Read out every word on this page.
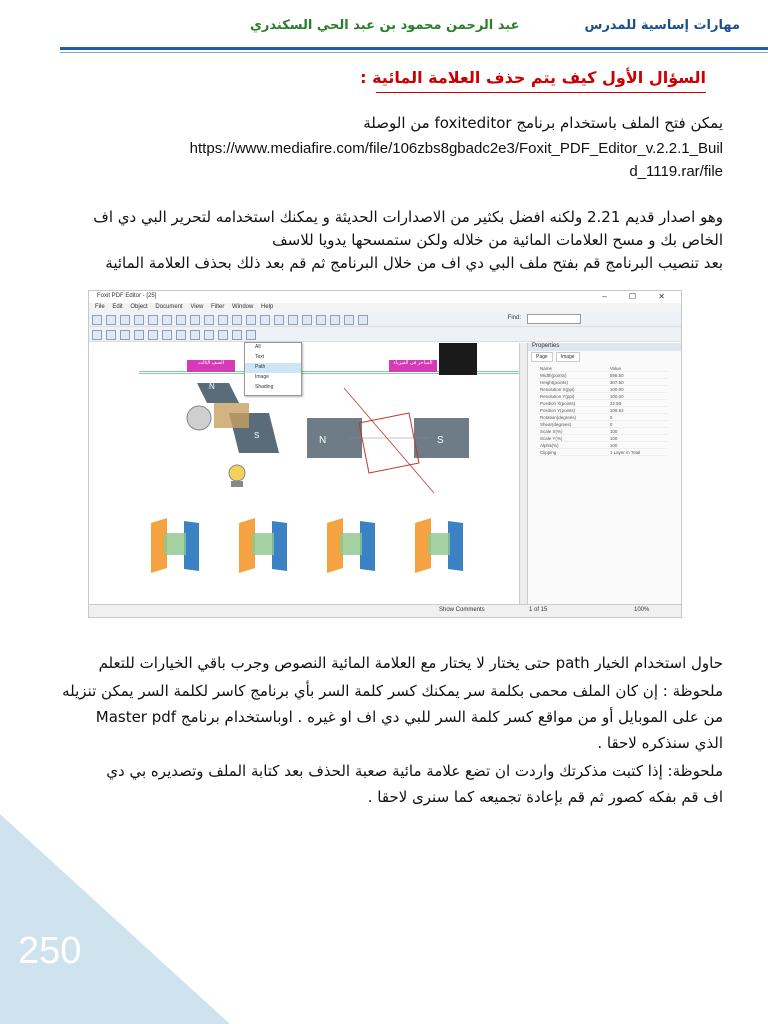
250
مهارات إساسية للمدرس
عبد الرحمن محمود بن عبد الحي السكندري
السؤال الأول كيف يتم حذف العلامة المائية :
يمكن فتح الملف باستخدام برنامج foxiteditor من الوصلة
https://www.mediafire.com/file/106zbs8gbadc2e3/Foxit_PDF_Editor_v.2.2.1_Buil
d_1119.rar/file
وهو اصدار قديم 2.21 ولكنه افضل بكثير من الاصدارات الحديثة و يمكنك استخدامه لتحرير البي دي اف
الخاص بك و مسح العلامات المائية من خلاله ولكن ستمسحها يدويا للاسف
بعد تنصيب البرنامج قم بفتح ملف البي دي اف من خلال البرنامج ثم قم بعد ذلك بحذف العلامة المائية
Foxit PDF Editor - [25]	– ☐ ✕
File Edit Object Document View Filter Window Help
Find:
الصف الثالث	الساحر في الفيزياء
N
S	N	S
All
Text
Path
Image
Shading
Properties
Page	Image
Name	Value
Width(points)	595.50
Height(points)	307.50
Resolution X(ppi)	100.00
Resolution Y(ppi)	100.00
Position X(points)	32.50
Position Y(points)	109.52
Rotation(degrees)	0
Shear(degrees)	0
Scale X(%)	100
Scale Y(%)	100
Alpha(%)	100
Clipping	1 Layer in Total
Show Comments	1 of 15	100%
حاول استخدام الخيار path حتى يختار لا يختار مع العلامة المائية النصوص وجرب باقي الخيارات للتعلم
ملحوظة : إن كان الملف محمى بكلمة سر يمكنك كسر كلمة السر بأي برنامج كاسر لكلمة السر يمكن تنزيله
من على الموبايل أو من مواقع كسر كلمة السر للبي دي اف او غيره . اوباستخدام برنامج Master pdf
الذي سنذكره لاحقا .
ملحوظة: إذا كتبت مذكرتك واردت ان تضع علامة مائية صعبة الحذف بعد كتابة الملف وتصديره بي دي
اف قم بفكه كصور ثم قم بإعادة تجميعه كما سنرى لاحقا .
